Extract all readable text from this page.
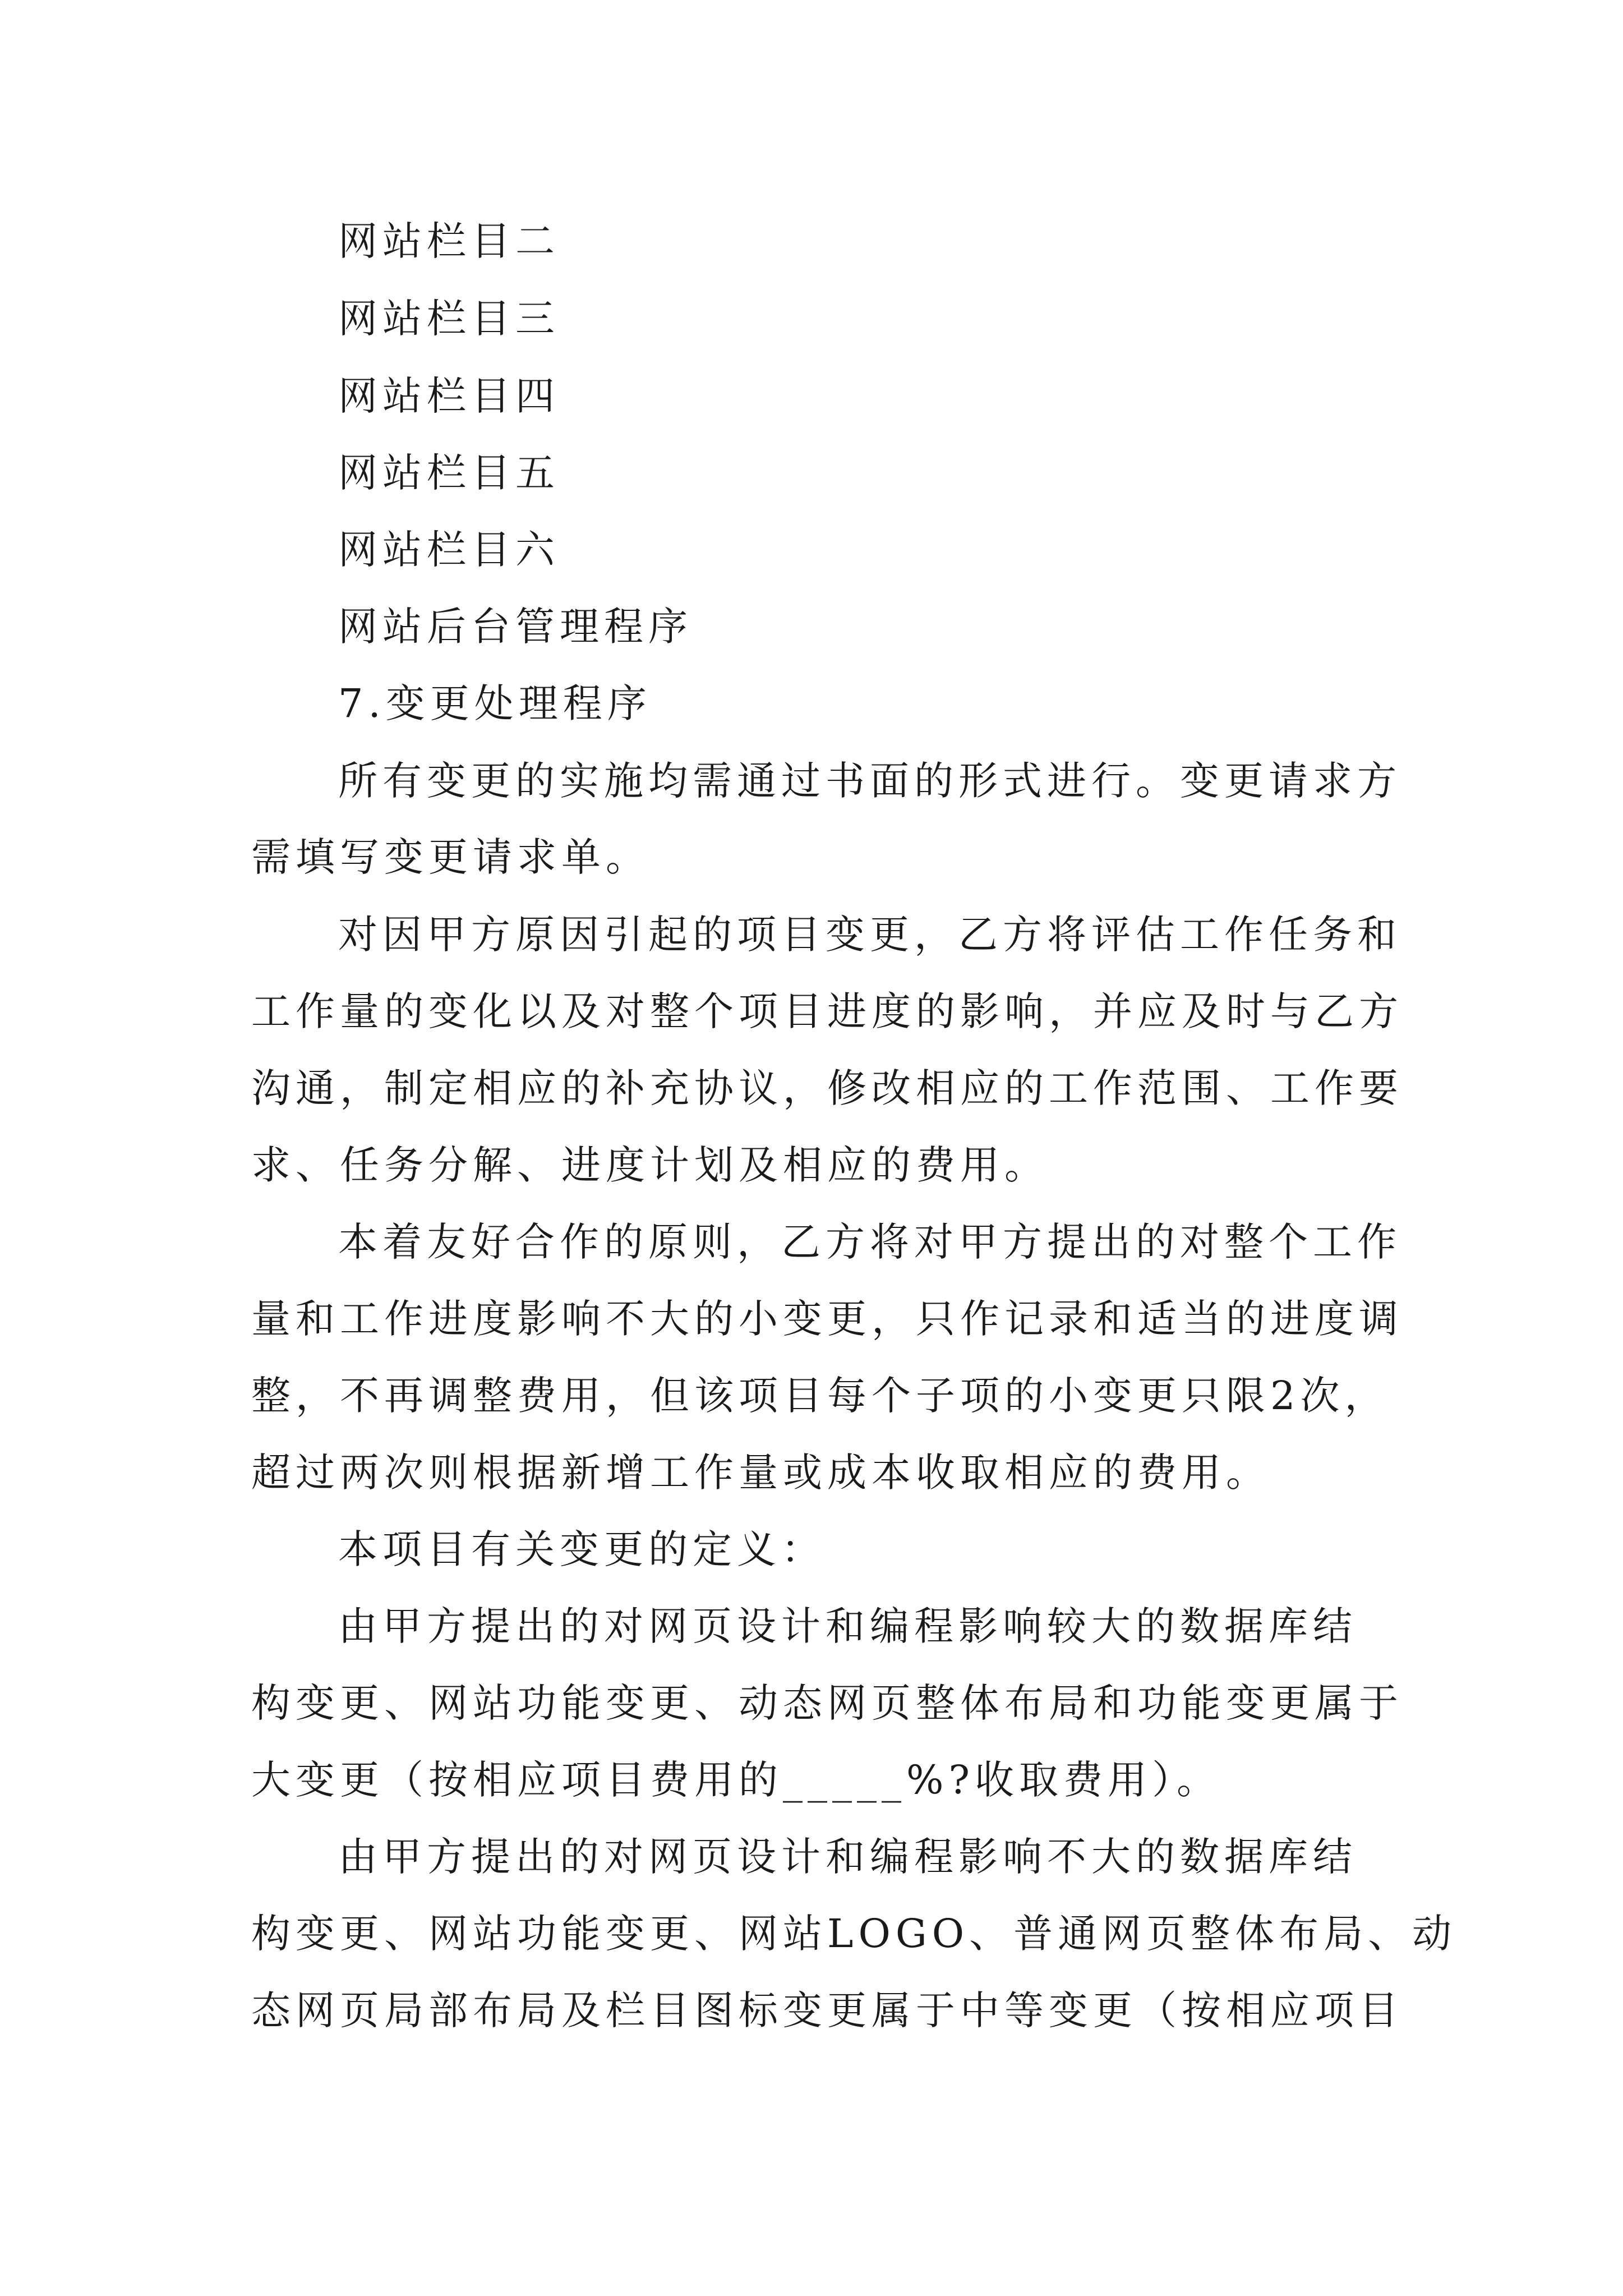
网站栏目二
网站栏目三
网站栏目四
网站栏目五
网站栏目六
网站后台管理程序
7.变更处理程序
所有变更的实施均需通过书面的形式进行。变更请求方
需填写变更请求单。
对因甲方原因引起的项目变更，乙方将评估工作任务和
工作量的变化以及对整个项目进度的影响，并应及时与乙方
沟通，制定相应的补充协议，修改相应的工作范围、工作要
求、任务分解、进度计划及相应的费用。
本着友好合作的原则，乙方将对甲方提出的对整个工作
量和工作进度影响不大的小变更，只作记录和适当的进度调
整，不再调整费用，但该项目每个子项的小变更只限2次，
超过两次则根据新增工作量或成本收取相应的费用。
本项目有关变更的定义：
由甲方提出的对网页设计和编程影响较大的数据库结
构变更、网站功能变更、动态网页整体布局和功能变更属于
大变更（按相应项目费用的_____%?收取费用）。
由甲方提出的对网页设计和编程影响不大的数据库结
构变更、网站功能变更、网站LOGO、普通网页整体布局、动
态网页局部布局及栏目图标变更属于中等变更（按相应项目
